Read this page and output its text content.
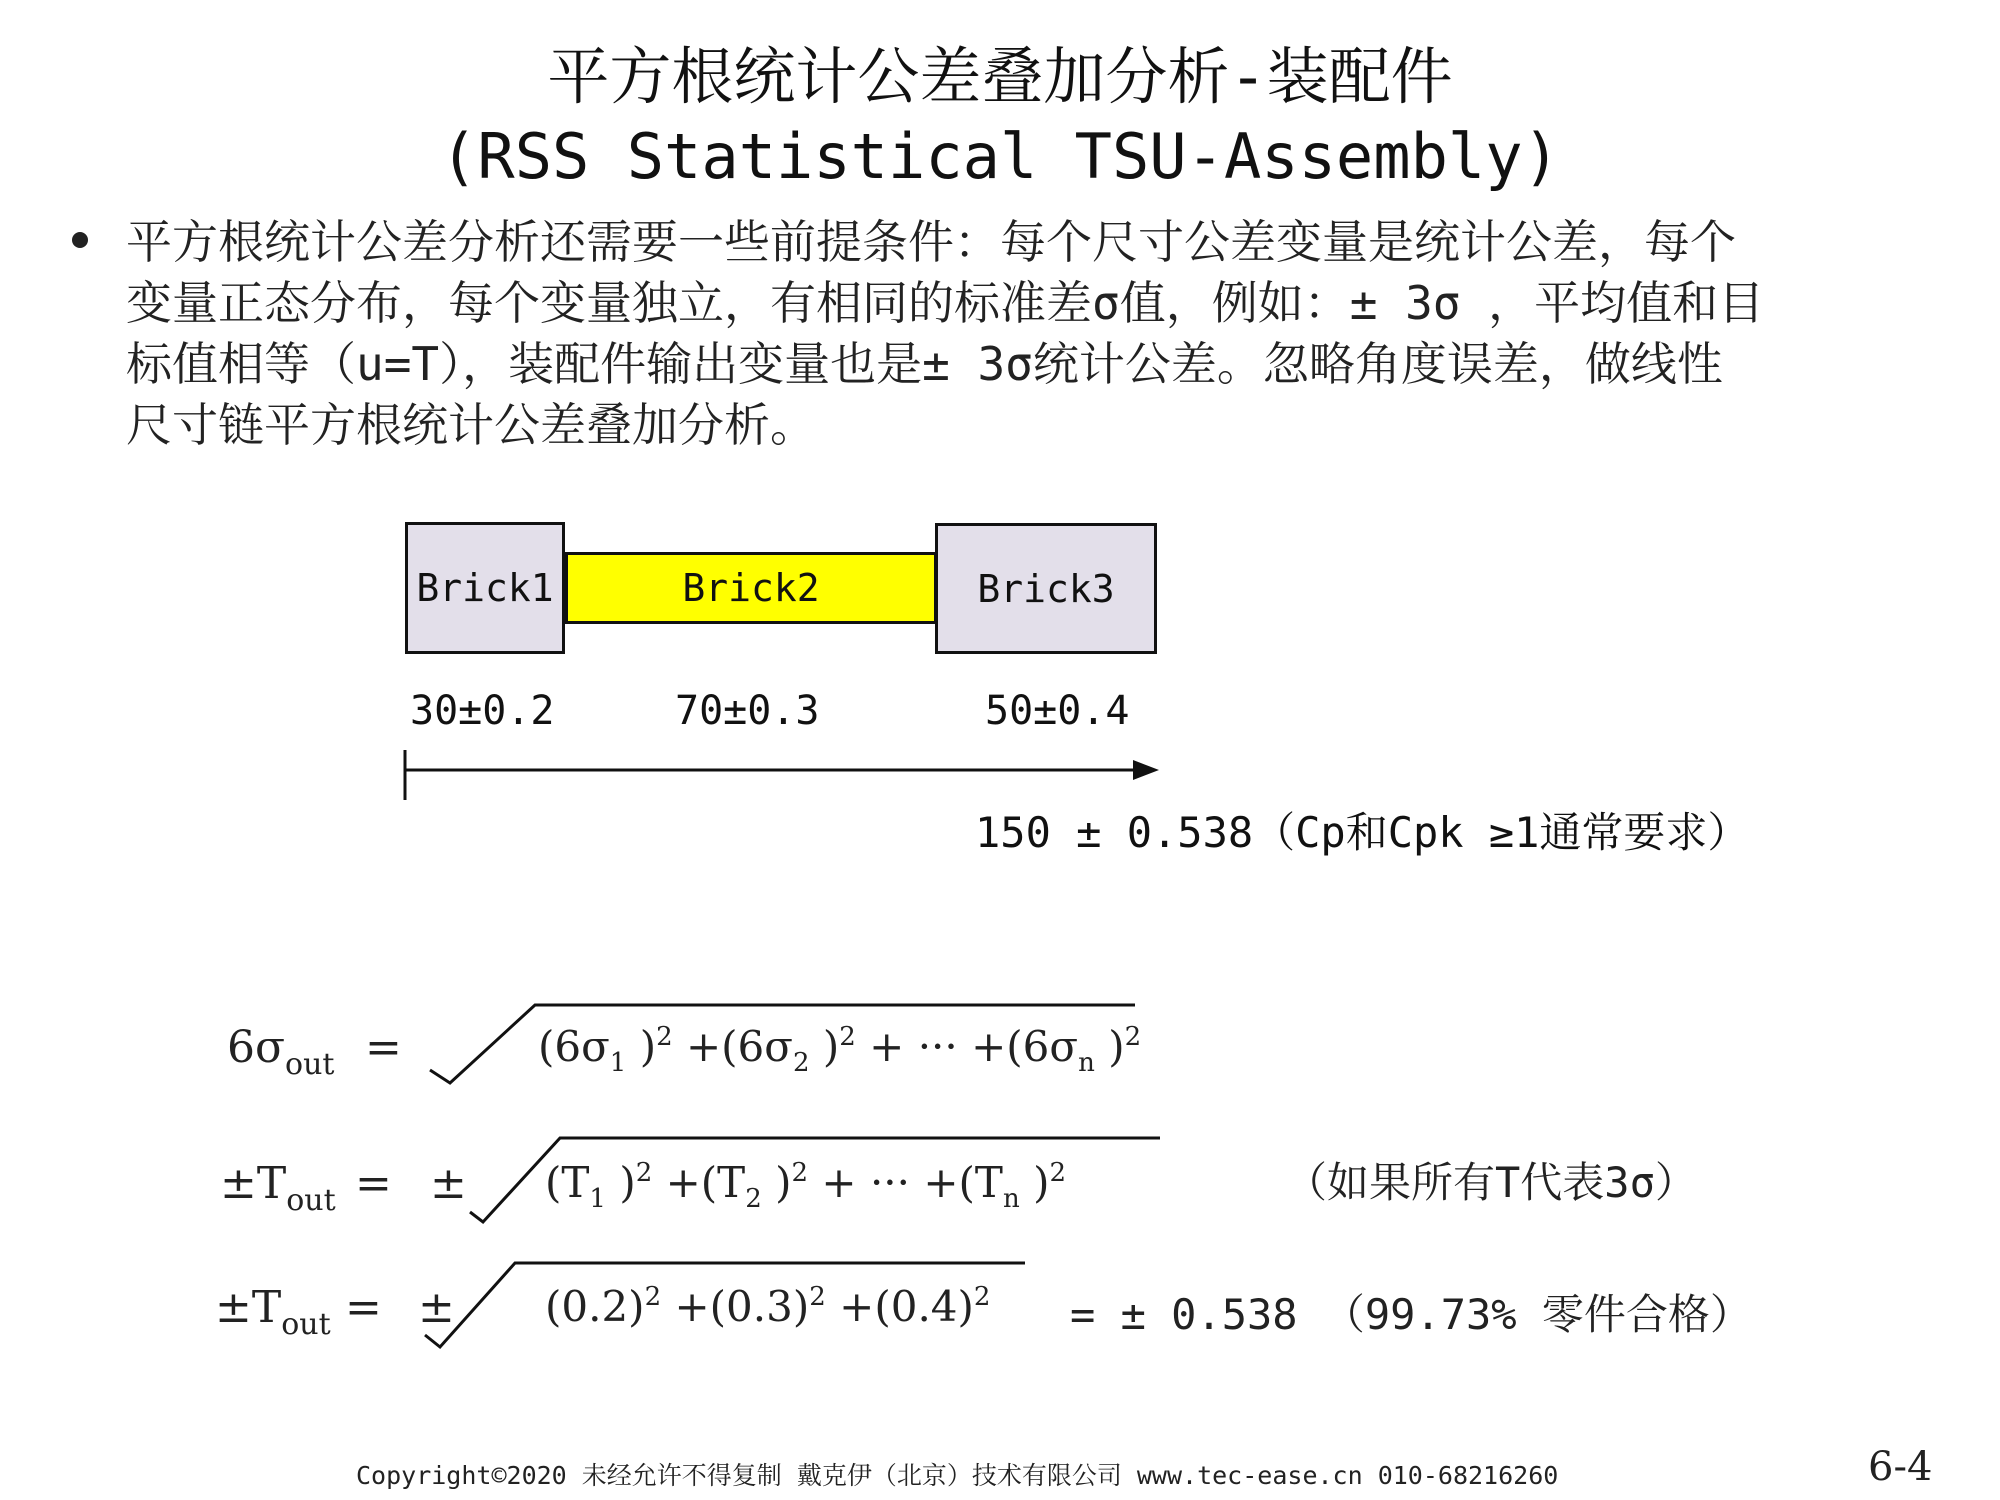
平方根统计公差叠加分析-装配件
(RSS Statistical TSU-Assembly)
平方根统计公差分析还需要一些前提条件：每个尺寸公差变量是统计公差，每个
变量正态分布，每个变量独立，有相同的标准差σ值，例如：± 3σ ，平均值和目
标值相等（u=T），装配件输出变量也是± 3σ统计公差。忽略角度误差，做线性
尺寸链平方根统计公差叠加分析。
Brick2
Brick1	Brick3
30±0.2	70±0.3	50±0.4
150 ± 0.538（Cp和Cpk ≥1通常要求）
$6\sigma_{out}$ =	($6\sigma_1$ )$^2 +(6\sigma_2$ )$^2$ + ··· $+(6\sigma_n$ )$^2$
$\pm T_{out}$ = ± ($T_1$ )$^2 +(T_2$ )$^2$ + ··· $+(T_n$ )$^2$	（如果所有T代表3σ）
$\pm T_{out}$ = ± $(0.2)^2 +(0.3)^2 +(0.4)^2$ = ± 0.538 （99.73% 零件合格）
Copyright©2020 未经允许不得复制 戴克伊（北京）技术有限公司 www.tec-ease.cn 010-68216260	6-4
